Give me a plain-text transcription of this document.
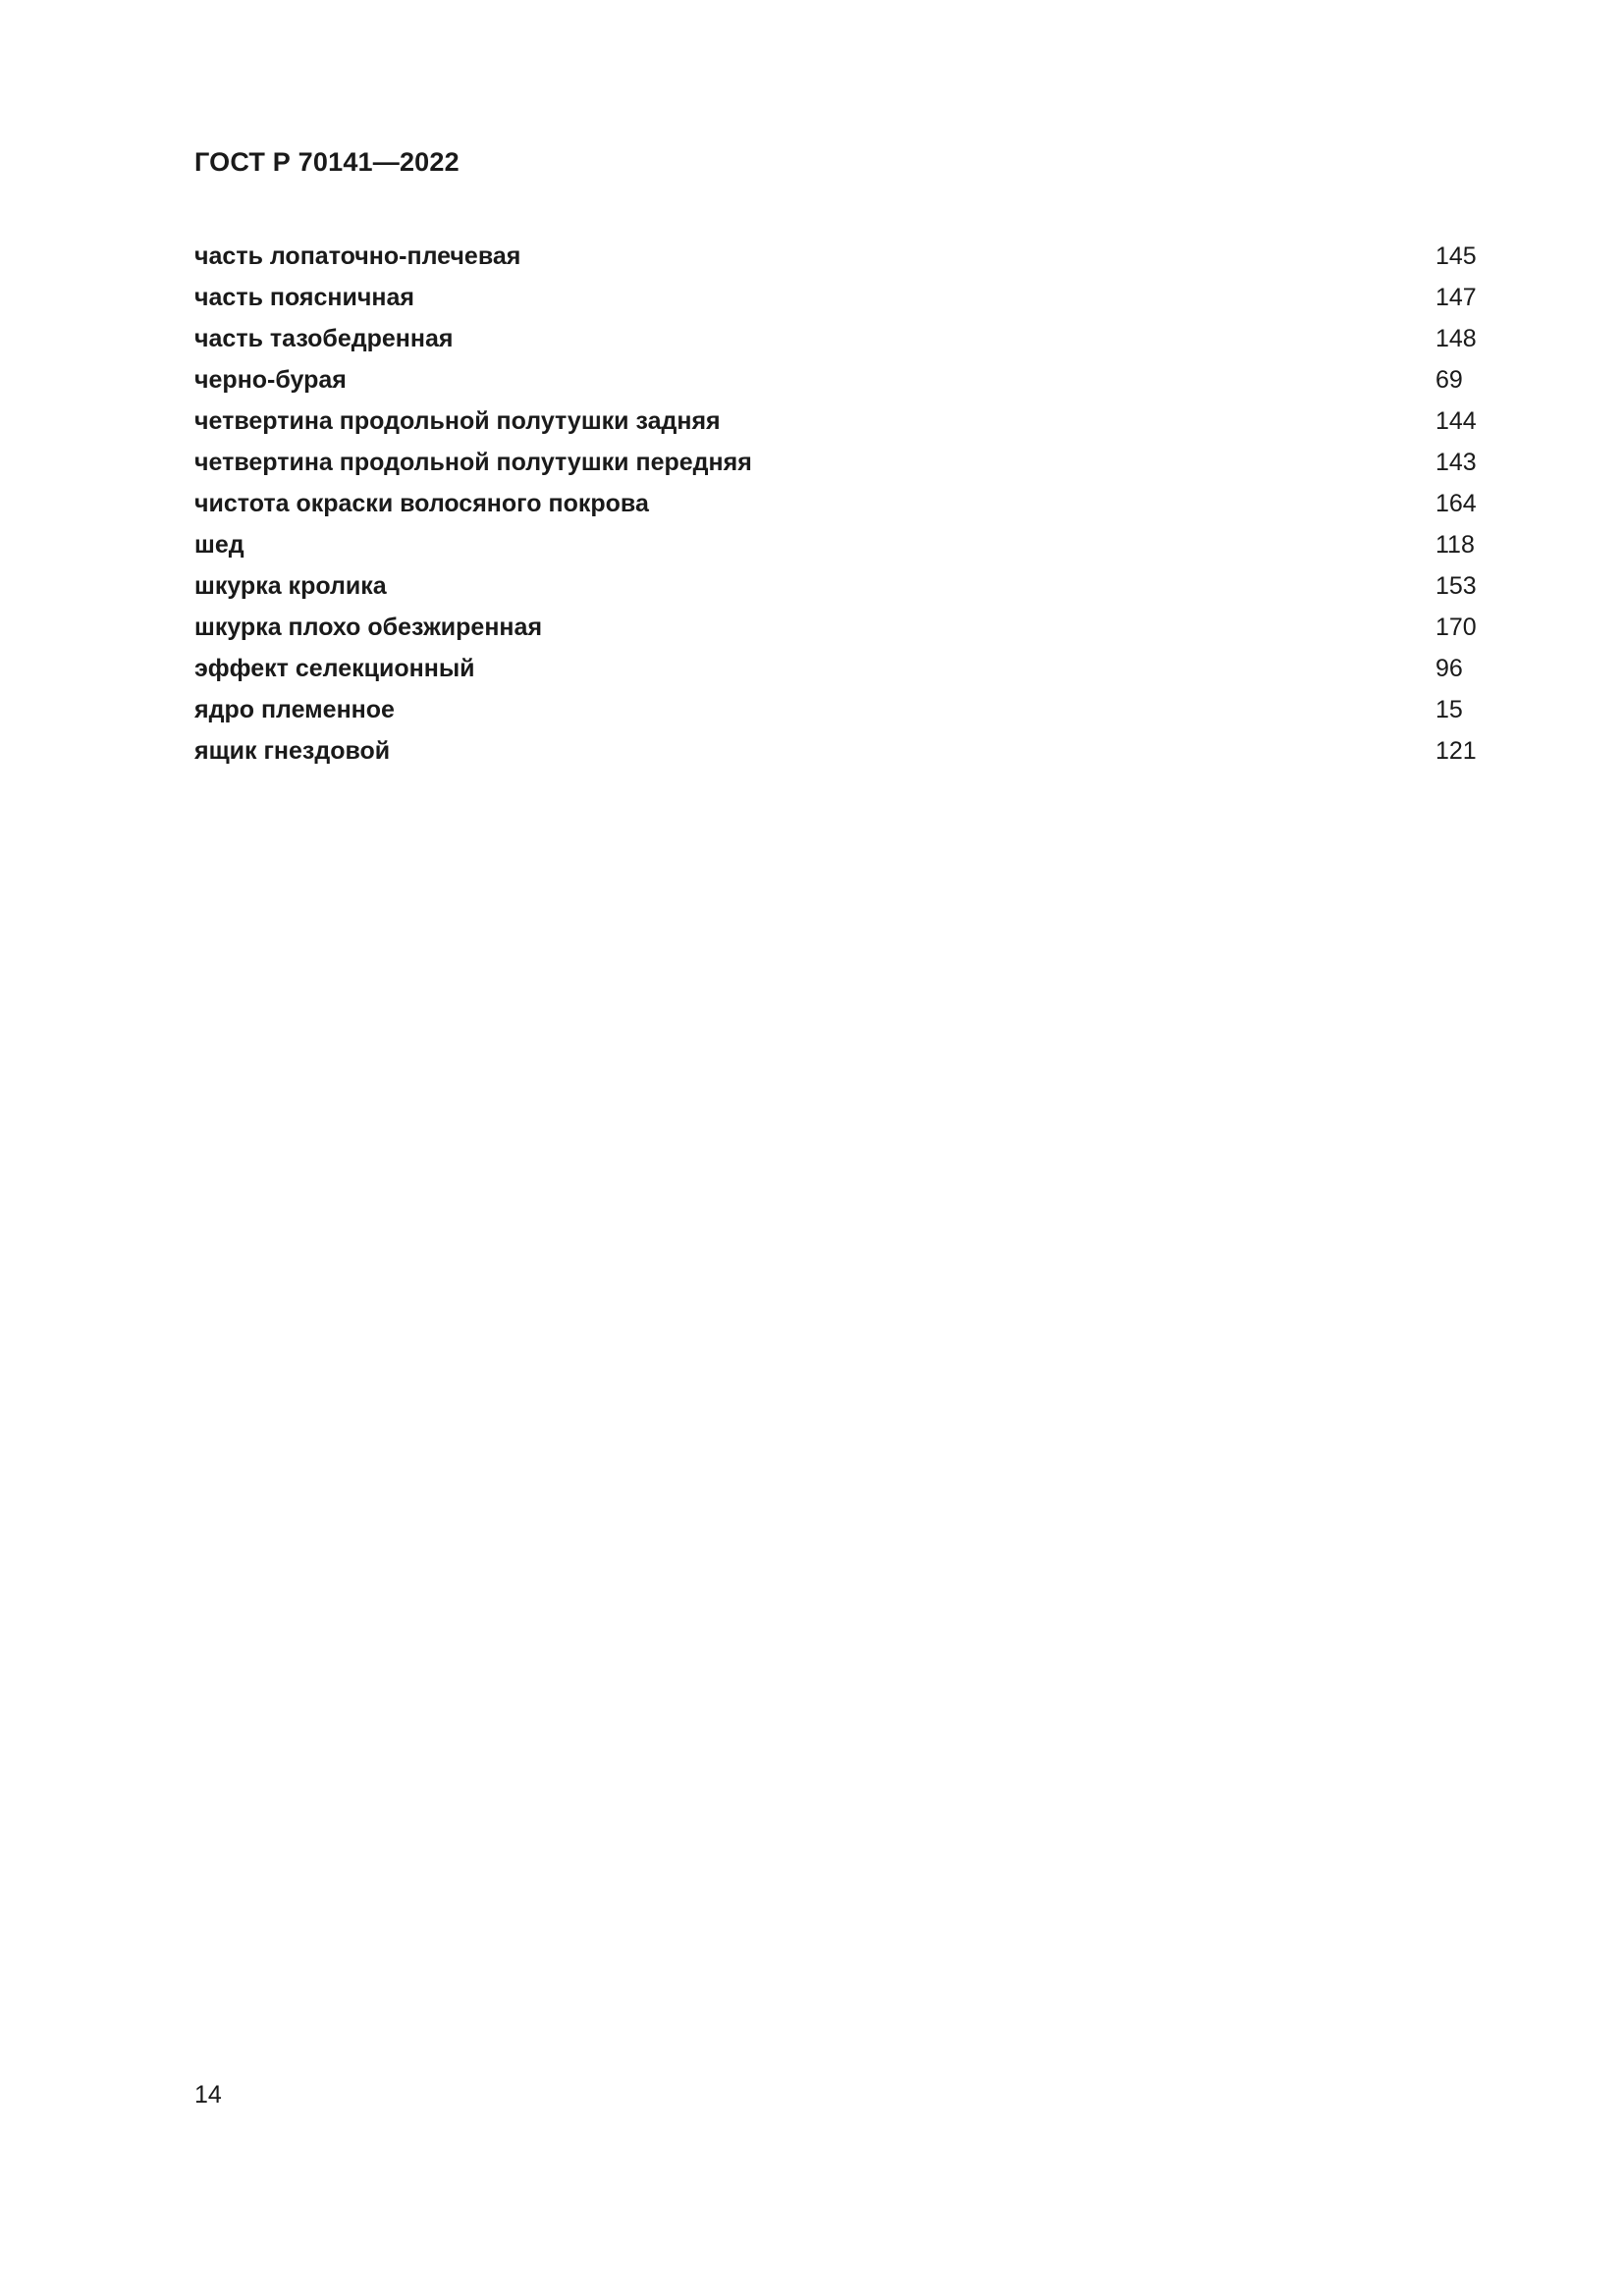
ГОСТ Р 70141—2022
часть лопаточно-плечевая	145
часть поясничная	147
часть тазобедренная	148
черно-бурая	69
четвертина продольной полутушки задняя	144
четвертина продольной полутушки передняя	143
чистота окраски волосяного покрова	164
шед	118
шкурка кролика	153
шкурка плохо обезжиренная	170
эффект селекционный	96
ядро племенное	15
ящик гнездовой	121
14
